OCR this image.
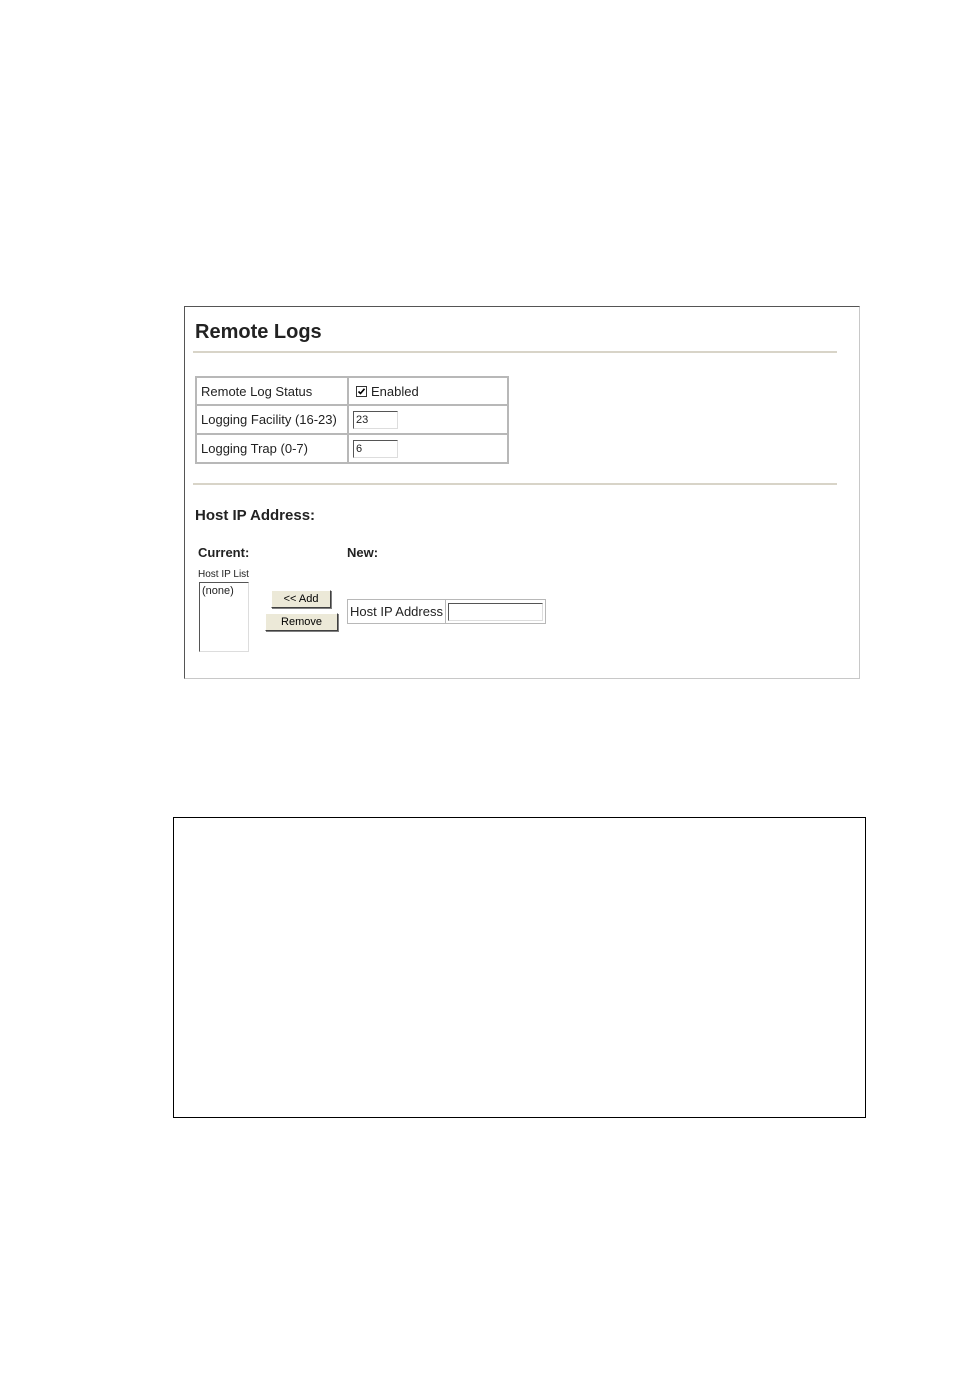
Remote Logs
Remote Log Status	Enabled
Logging Facility (16-23)	23
Logging Trap (0-7)	6
Host IP Address:
Current:	New:
Host IP List
(none)
<< Add
Remove
Host IP Address
